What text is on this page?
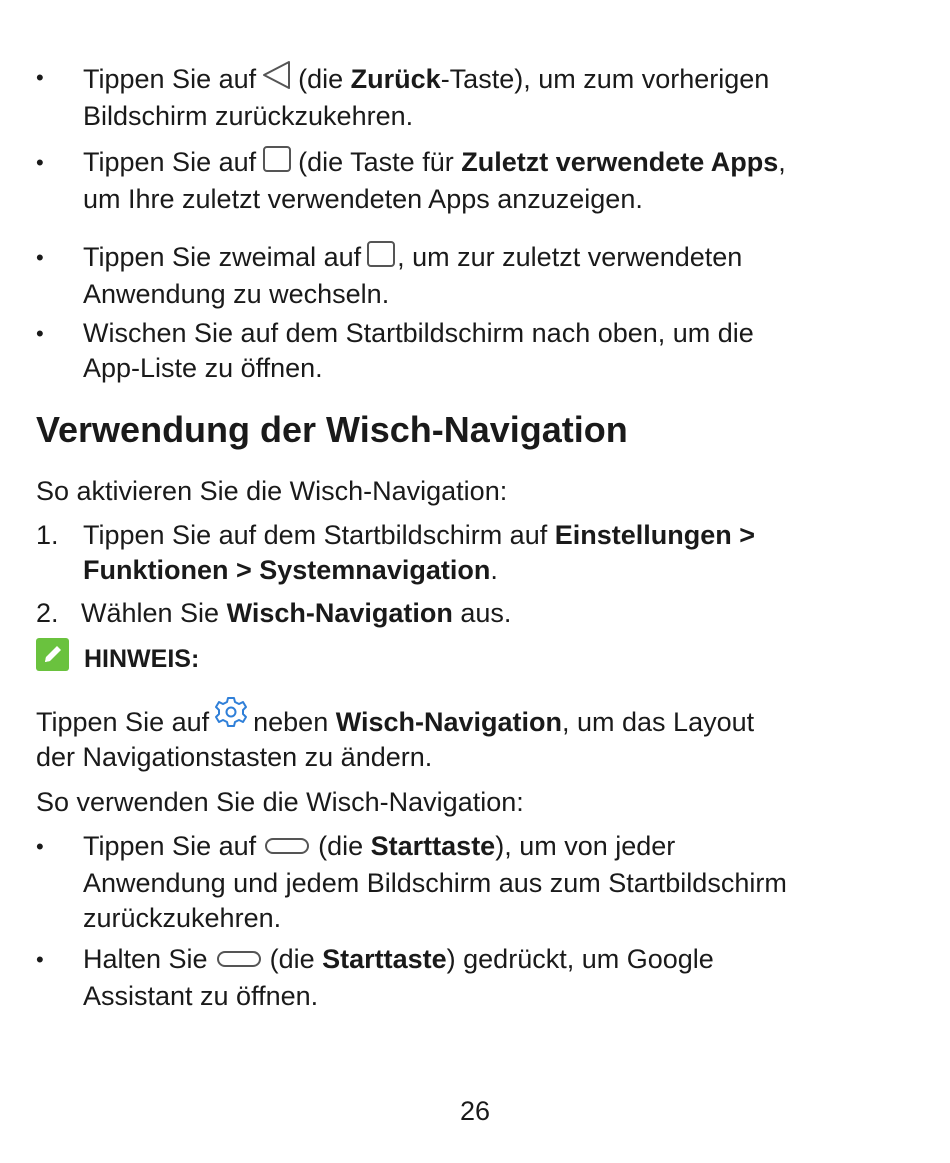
•	Tippen Sie auf (die Zurück-Taste), um zum vorherigen
Bildschirm zurückzukehren.
•	Tippen Sie auf (die Taste für Zuletzt verwendete Apps,
um Ihre zuletzt verwendeten Apps anzuzeigen.
•	Tippen Sie zweimal auf , um zur zuletzt verwendeten
Anwendung zu wechseln.
•	Wischen Sie auf dem Startbildschirm nach oben, um die
App-Liste zu öffnen.
Verwendung der Wisch-Navigation
So aktivieren Sie die Wisch-Navigation:
1. Tippen Sie auf dem Startbildschirm auf Einstellungen >
Funktionen > Systemnavigation.
2. Wählen Sie Wisch-Navigation aus.
HINWEIS:
Tippen Sie auf neben Wisch-Navigation, um das Layout
der Navigationstasten zu ändern.
So verwenden Sie die Wisch-Navigation:
•	Tippen Sie auf (die Starttaste), um von jeder
Anwendung und jedem Bildschirm aus zum Startbildschirm
zurückzukehren.
•	Halten Sie (die Starttaste) gedrückt, um Google
Assistant zu öffnen.
26
